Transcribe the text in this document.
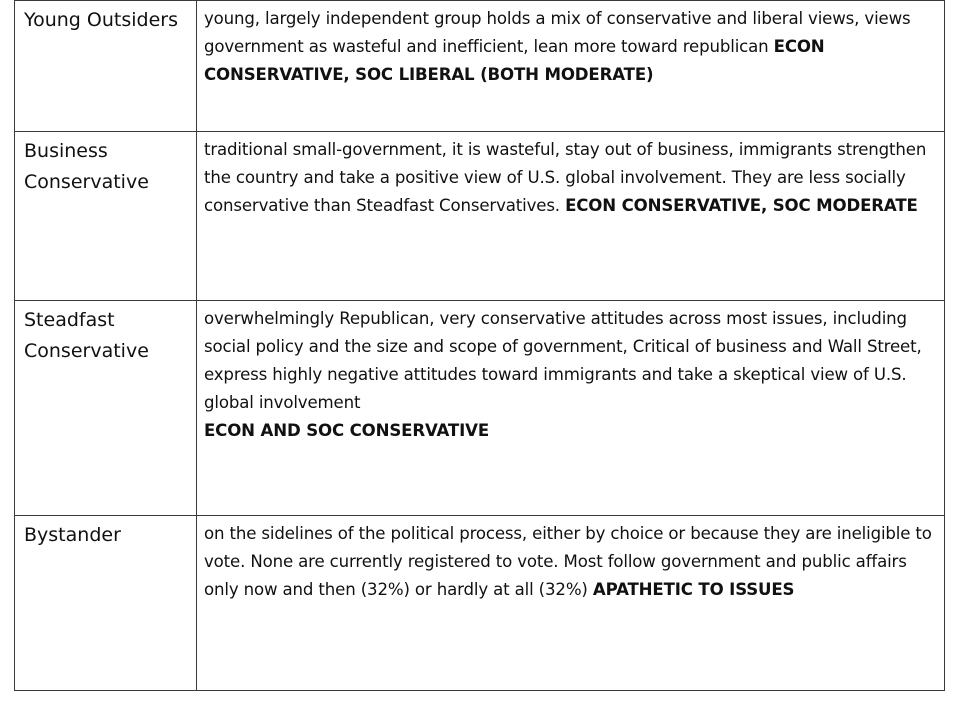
Young Outsiders	young, largely independent group holds a mix of conservative and liberal views, views government as wasteful and inefficient, lean more toward republican ECON CONSERVATIVE, SOC LIBERAL (BOTH MODERATE)
Business Conservative	traditional small-government, it is wasteful, stay out of business, immigrants strengthen the country and take a positive view of U.S. global involvement. They are less socially conservative than Steadfast Conservatives. ECON CONSERVATIVE, SOC MODERATE
Steadfast Conservative	overwhelmingly Republican, very conservative attitudes across most issues, including social policy and the size and scope of government, Critical of business and Wall Street, express highly negative attitudes toward immigrants and take a skeptical view of U.S. global involvement
ECON AND SOC CONSERVATIVE
Bystander	on the sidelines of the political process, either by choice or because they are ineligible to vote. None are currently registered to vote. Most follow government and public affairs only now and then (32%) or hardly at all (32%) APATHETIC TO ISSUES
